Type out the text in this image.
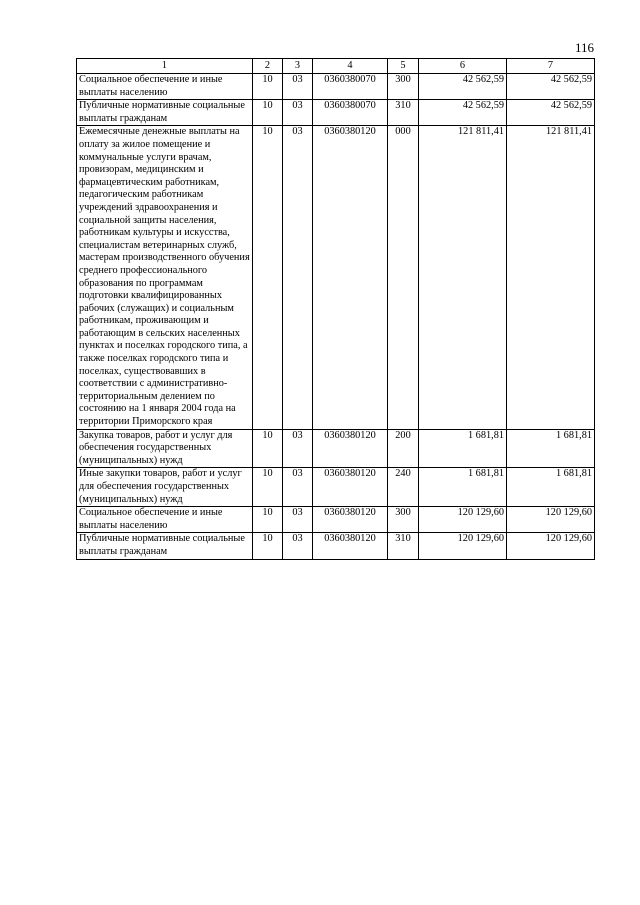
116
1	2	3	4	5	6	7
Социальное обеспечение и иные выплаты населению	10	03	0360380070	300	42 562,59	42 562,59
Публичные нормативные социальные выплаты гражданам	10	03	0360380070	310	42 562,59	42 562,59
Ежемесячные денежные выплаты на оплату за жилое помещение и коммунальные услуги врачам, провизорам, медицинским и фармацевтическим работникам, педагогическим работникам учреждений здравоохранения и социальной защиты населения, работникам культуры и искусства, специалистам ветеринарных служб, мастерам производственного обучения среднего профессионального образования по программам подготовки квалифицированных рабочих (служащих) и социальным работникам, проживающим и работающим в сельских населенных пунктах и поселках городского типа, а также поселках городского типа и поселках, существовавших в соответствии с административно-территориальным делением по состоянию на 1 января 2004 года на территории Приморского края	10	03	0360380120	000	121 811,41	121 811,41
Закупка товаров, работ и услуг для обеспечения государственных (муниципальных) нужд	10	03	0360380120	200	1 681,81	1 681,81
Иные закупки товаров, работ и услуг для обеспечения государственных (муниципальных) нужд	10	03	0360380120	240	1 681,81	1 681,81
Социальное обеспечение и иные выплаты населению	10	03	0360380120	300	120 129,60	120 129,60
Публичные нормативные социальные выплаты гражданам	10	03	0360380120	310	120 129,60	120 129,60
